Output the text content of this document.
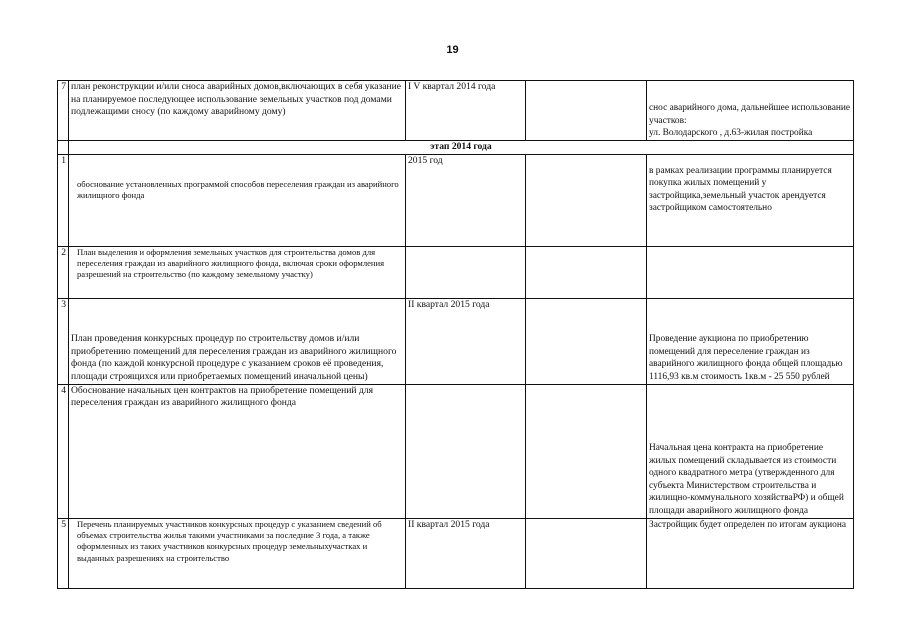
19
7	план реконструкции и/или сноса аварийных домов,включающих в себя указание на планируемое последующее использование земельных участков под домами подлежащими сносу (по каждому аварийному дому)	I V квартал 2014 года		снос аварийного дома, дальнейшее использование участков:
ул. Володарского , д.63-жилая постройка
	этап 2014 года			
1	обоснование установленных программой способов переселения граждан из аварийного жилищного фонда	2015 год		в рамках реализации программы планируется покупка жилых помещений у застройщика,земельный участок арендуется застройщиком самостоятельно
2	План выделения и оформления земельных участков для строительства домов для переселения граждан из аварийного жилищного фонда, включая сроки оформления разрешений на строительство (по каждому земельному участку)			
3	План проведения конкурсных процедур по строительству домов и/или приобретению помещений для переселения граждан из аварийного жилищного фонда (по каждой конкурсной процедуре с указанием сроков её проведения, площади строящихся или приобретаемых помещений иначальной цены)	II квартал 2015 года		Проведение аукциона по приобретению помещений для переселение граждан из аварийного жилищного фонда общей площадью 1116,93 кв.м стоимость 1кв.м - 25 550 рублей
4	Обоснование начальных цен контрактов на приобретение помещений для переселения граждан из аварийного жилищного фонда			Начальная цена контракта на приобретение жилых помещений складывается из стоимости одного квадратного метра (утвержденного для субъекта Министерством строительства и жилищно-коммунального хозяйстваРФ) и общей площади аварийного жилищного фонда
5	Перечень планируемых участников конкурсных процедур с указанием сведений об объемах строительства жилья такими участниками за последние 3 года, а также оформленных из таких участников конкурсных процедур земельныхучастках и выданных разрешениях на строительство	II квартал 2015 года		Застройщик будет определен по итогам аукциона
